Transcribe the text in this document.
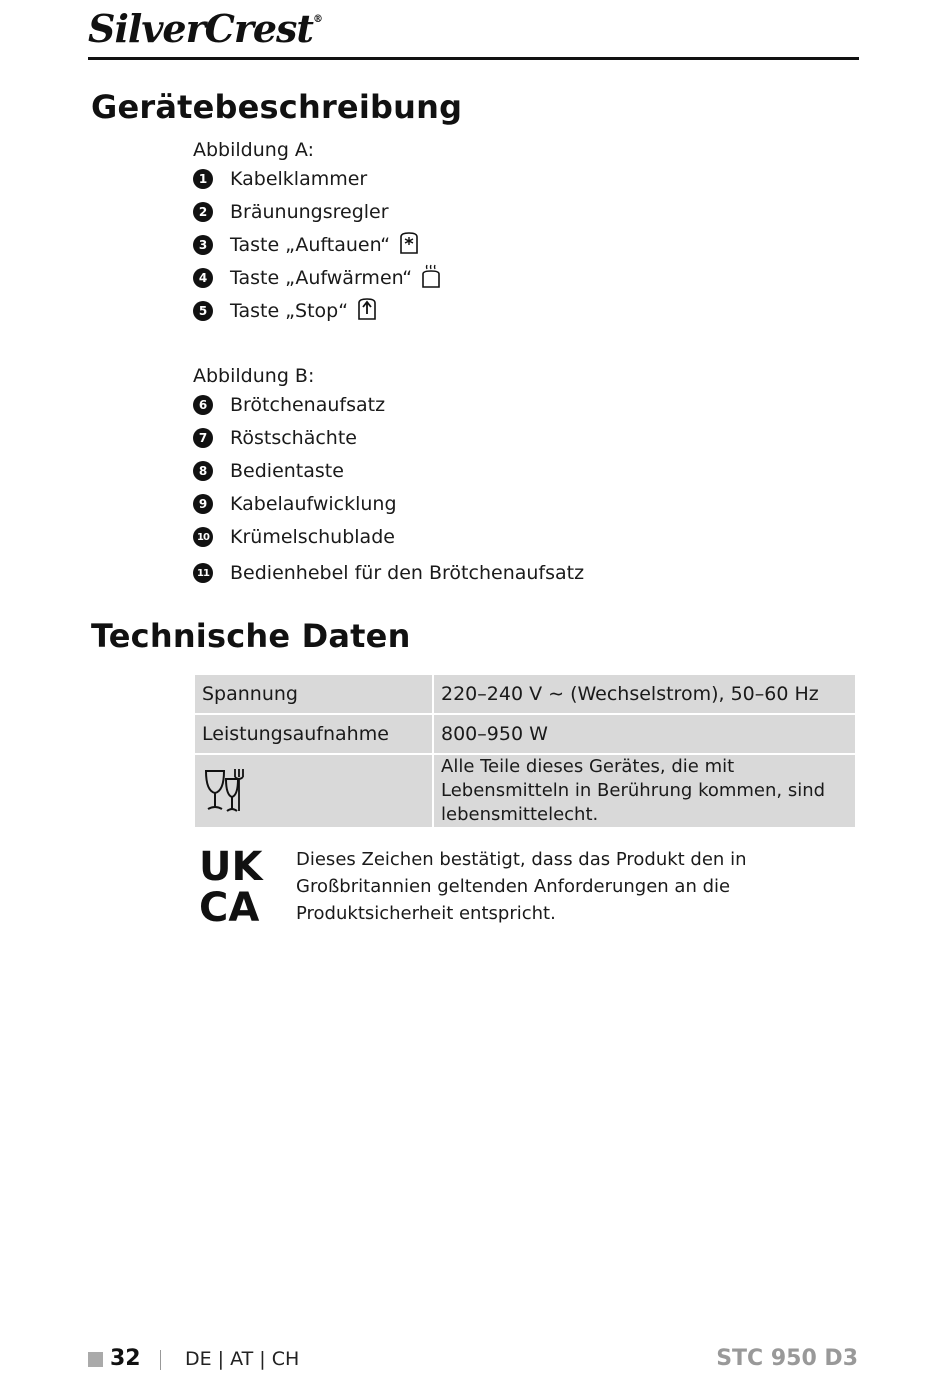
SilverCrest®
Gerätebeschreibung
Abbildung A:
1	Kabelklammer
2	Bräunungsregler
3	Taste „Auftauen“
4	Taste „Aufwärmen“
5	Taste „Stop“
Abbildung B:
6	Brötchenaufsatz
7	Röstschächte
8	Bedientaste
9	Kabelaufwicklung
10 Krümelschublade
11 Bedienhebel für den Brötchenaufsatz
Technische Daten
Spannung	220–240 V ∼ (Wechselstrom), 50–60 Hz
Leistungsaufnahme	800–950 W
	Alle Teile dieses Gerätes, die mit Lebensmitteln in Berührung kommen, sind lebensmittelecht.
UK
CA
Dieses Zeichen bestätigt, dass das Produkt den in Großbritannien geltenden Anforderungen an die Produktsicherheit entspricht.
32 DE | AT | CH	STC 950 D3
